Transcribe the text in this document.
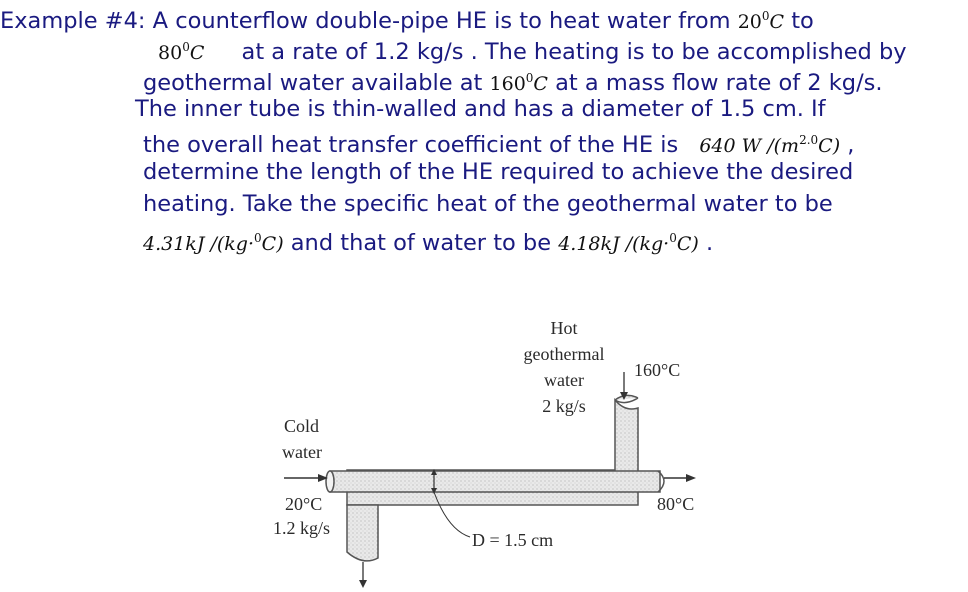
Example #4: A counterflow double-pipe HE is to heat water from $20^0C$ to
$80^0C$ at a rate of 1.2 kg/s . The heating is to be accomplished by
geothermal water available at $160^0C$ at a mass flow rate of 2 kg/s.
The inner tube is thin-walled and has a diameter of 1.5 cm. If
the overall heat transfer coefficient of the HE is 640 W $/(m^{2.0}C)$ ,
determine the length of the HE required to achieve the desired
heating. Take the specific heat of the geothermal water to be
4.31kJ /(kg·$^0$C) and that of water to be 4.18kJ /(kg·$^0$C) .
Hot
geothermal
water
2 kg/s
160°C
Cold
water
20°C
1.2 kg/s
80°C
D = 1.5 cm
